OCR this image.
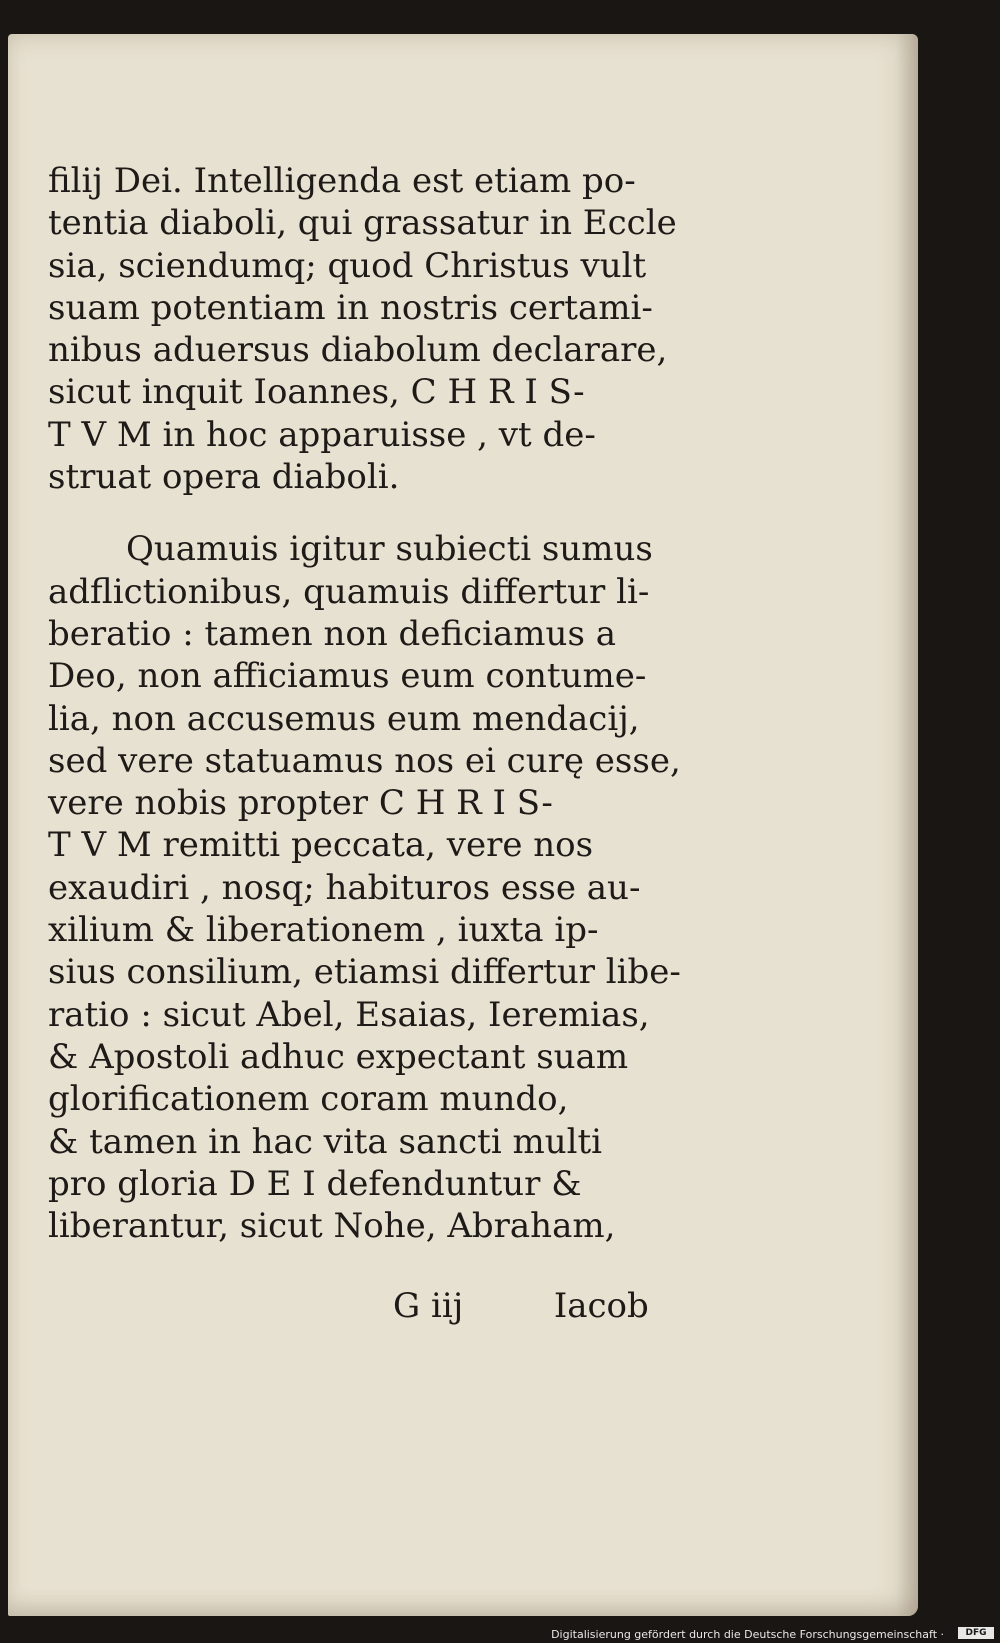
filij Dei. Intelligenda est etiam po-
tentia diaboli, qui grassatur in Eccle
sia, sciendumq; quod Christus vult
suam potentiam in nostris certami-
nibus aduersus diabolum declarare,
sicut inquit Ioannes, C H R I S-
T V M in hoc apparuisse , vt de-
struat opera diaboli.
Quamuis igitur subiecti sumus
adflictionibus, quamuis differtur li-
beratio : tamen non deficiamus a
Deo, non afficiamus eum contume-
lia, non accusemus eum mendacij,
sed vere statuamus nos ei curę esse,
vere nobis propter C H R I S-
T V M remitti peccata, vere nos
exaudiri , nosq; habituros esse au-
xilium & liberationem , iuxta ip-
sius consilium, etiamsi differtur libe-
ratio : sicut Abel, Esaias, Ieremias,
& Apostoli adhuc expectant suam
glorificationem coram mundo,
& tamen in hac vita sancti multi
pro gloria D E I defenduntur &
liberantur, sicut Nohe, Abraham,
G iij	Iacob
Digitalisierung gefördert durch die Deutsche Forschungsgemeinschaft ·	DFG
